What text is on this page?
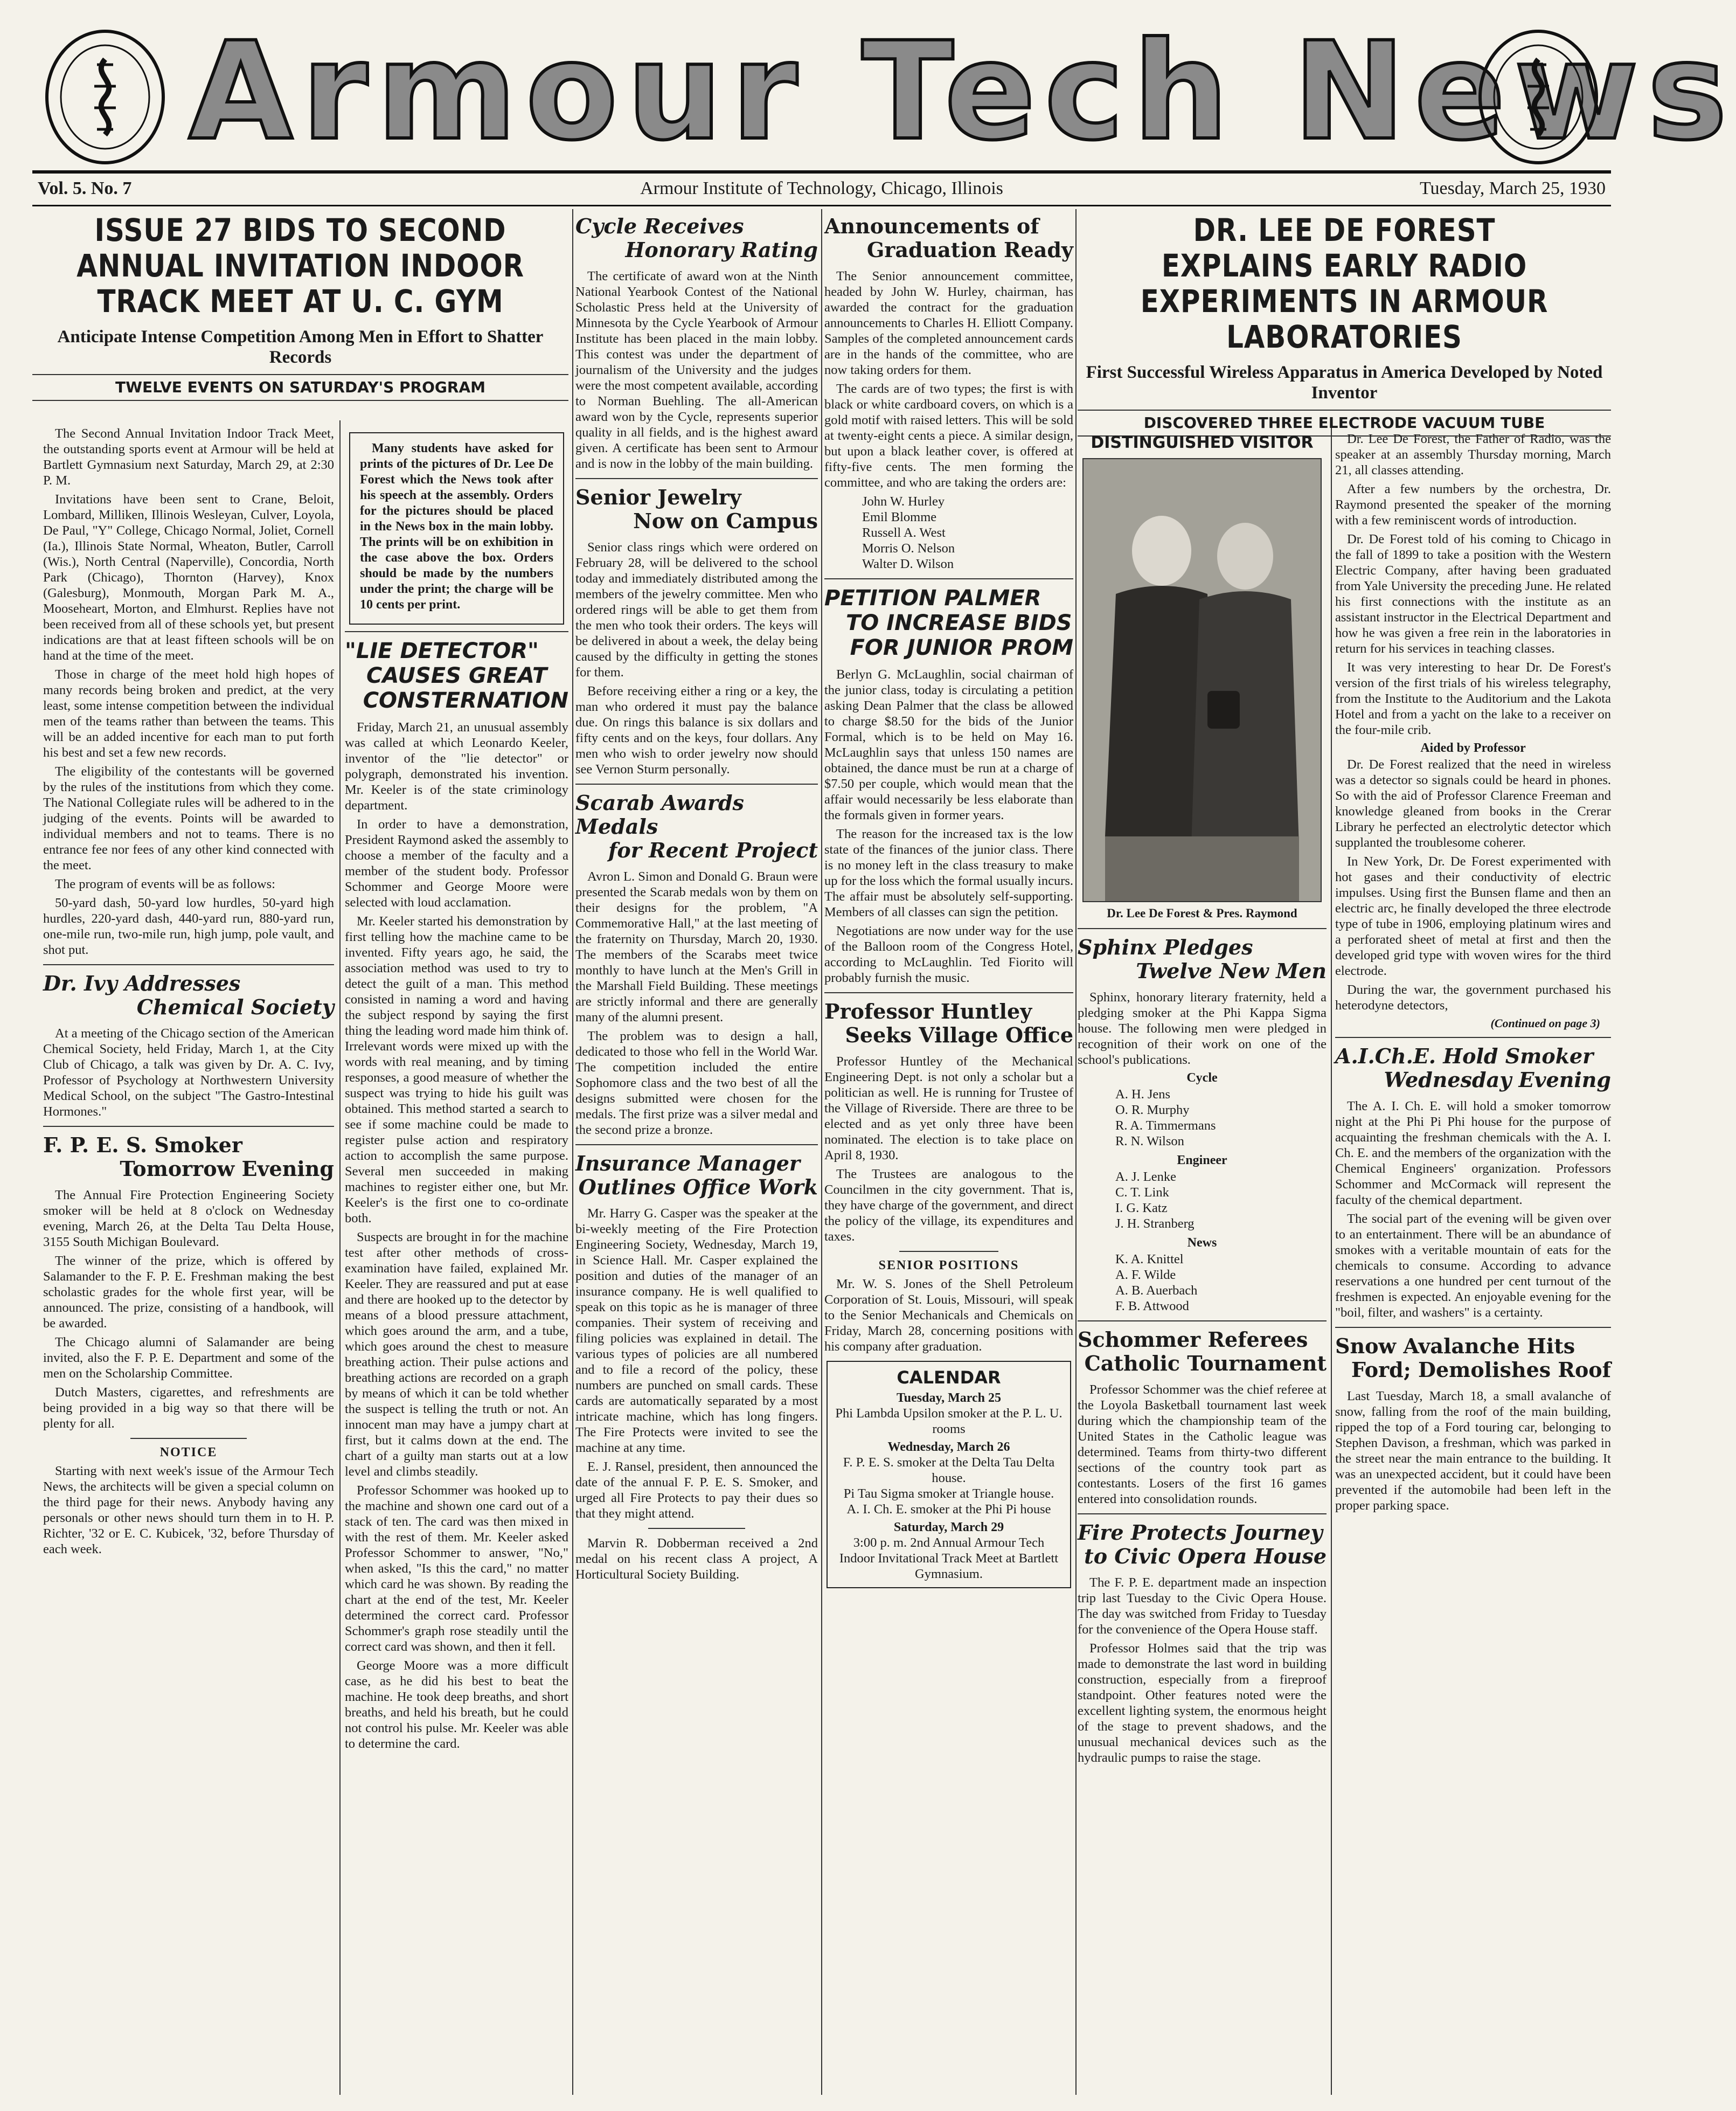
Armour Tech News
Vol. 5. No. 7	Armour Institute of Technology, Chicago, Illinois	Tuesday, March 25, 1930
ISSUE 27 BIDS TO SECOND ANNUAL INVITATION INDOOR TRACK MEET AT U. C. GYM
Anticipate Intense Competition Among Men in Effort to Shatter Records
TWELVE EVENTS ON SATURDAY'S PROGRAM

The Second Annual Invitation Indoor Track Meet, the outstanding sports event at Armour will be held at Bartlett Gymnasium next Saturday, March 29, at 2:30 P. M.

Invitations have been sent to Crane, Beloit, Lombard, Milliken, Illinois Wesleyan, Culver, Loyola, De Paul, "Y" College, Chicago Normal, Joliet, Cornell (Ia.), Illinois State Normal, Wheaton, Butler, Carroll (Wis.), North Central (Naperville), Concordia, North Park (Chicago), Thornton (Harvey), Knox (Galesburg), Monmouth, Morgan Park M. A., Mooseheart, Morton, and Elmhurst. Replies have not been received from all of these schools yet, but present indications are that at least fifteen schools will be on hand at the time of the meet.

Those in charge of the meet hold high hopes of many records being broken and predict, at the very least, some intense competition between the individual men of the teams rather than between the teams. This will be an added incentive for each man to put forth his best and set a few new records.

The eligibility of the contestants will be governed by the rules of the institutions from which they come. The National Collegiate rules will be adhered to in the judging of the events. Points will be awarded to individual members and not to teams. There is no entrance fee nor fees of any other kind connected with the meet.

The program of events will be as follows:

50-yard dash, 50-yard low hurdles, 50-yard high hurdles, 220-yard dash, 440-yard run, 880-yard run, one-mile run, two-mile run, high jump, pole vault, and shot put.

Dr. Ivy Addresses
Chemical Society

At a meeting of the Chicago section of the American Chemical Society, held Friday, March 1, at the City Club of Chicago, a talk was given by Dr. A. C. Ivy, Professor of Psychology at Northwestern University Medical School, on the subject "The Gastro-Intestinal Hormones."

F. P. E. S. Smoker
Tomorrow Evening

The Annual Fire Protection Engineering Society smoker will be held at 8 o'clock on Wednesday evening, March 26, at the Delta Tau Delta House, 3155 South Michigan Boulevard.

The winner of the prize, which is offered by Salamander to the F. P. E. Freshman making the best scholastic grades for the whole first year, will be announced. The prize, consisting of a handbook, will be awarded.

The Chicago alumni of Salamander are being invited, also the F. P. E. Department and some of the men on the Scholarship Committee.

Dutch Masters, cigarettes, and refreshments are being provided in a big way so that there will be plenty for all.

NOTICE

Starting with next week's issue of the Armour Tech News, the architects will be given a special column on the third page for their news. Anybody having any personals or other news should turn them in to H. P. Richter, '32 or E. C. Kubicek, '32, before Thursday of each week.

Many students have asked for prints of the pictures of Dr. Lee De Forest which the News took after his speech at the assembly. Orders for the pictures should be placed in the News box in the main lobby. The prints will be on exhibition in the case above the box. Orders should be made by the numbers under the print; the charge will be 10 cents per print.

"LIE DETECTOR"
CAUSES GREAT
CONSTERNATION

Friday, March 21, an unusual assembly was called at which Leonardo Keeler, inventor of the "lie detector" or polygraph, demonstrated his invention. Mr. Keeler is of the state criminology department.

In order to have a demonstration, President Raymond asked the assembly to choose a member of the faculty and a member of the student body. Professor Schommer and George Moore were selected with loud acclamation.

Mr. Keeler started his demonstration by first telling how the machine came to be invented. Fifty years ago, he said, the association method was used to try to detect the guilt of a man. This method consisted in naming a word and having the subject respond by saying the first thing the leading word made him think of. Irrelevant words were mixed up with the words with real meaning, and by timing responses, a good measure of whether the suspect was trying to hide his guilt was obtained. This method started a search to see if some machine could be made to register pulse action and respiratory action to accomplish the same purpose. Several men succeeded in making machines to register either one, but Mr. Keeler's is the first one to co-ordinate both.

Suspects are brought in for the machine test after other methods of cross-examination have failed, explained Mr. Keeler. They are reassured and put at ease and there are hooked up to the detector by means of a blood pressure attachment, which goes around the arm, and a tube, which goes around the chest to measure breathing action. Their pulse actions and breathing actions are recorded on a graph by means of which it can be told whether the suspect is telling the truth or not. An innocent man may have a jumpy chart at first, but it calms down at the end. The chart of a guilty man starts out at a low level and climbs steadily.

Professor Schommer was hooked up to the machine and shown one card out of a stack of ten. The card was then mixed in with the rest of them. Mr. Keeler asked Professor Schommer to answer, "No," when asked, "Is this the card," no matter which card he was shown. By reading the chart at the end of the test, Mr. Keeler determined the correct card. Professor Schommer's graph rose steadily until the correct card was shown, and then it fell.

George Moore was a more difficult case, as he did his best to beat the machine. He took deep breaths, and short breaths, and held his breath, but he could not control his pulse. Mr. Keeler was able to determine the card.

Cycle Receives
Honorary Rating

The certificate of award won at the Ninth National Yearbook Contest of the National Scholastic Press held at the University of Minnesota by the Cycle Yearbook of Armour Institute has been placed in the main lobby. This contest was under the department of journalism of the University and the judges were the most competent available, according to Norman Buehling. The all-American award won by the Cycle, represents superior quality in all fields, and is the highest award given. A certificate has been sent to Armour and is now in the lobby of the main building.

Senior Jewelry
Now on Campus

Senior class rings which were ordered on February 28, will be delivered to the school today and immediately distributed among the members of the jewelry committee. Men who ordered rings will be able to get them from the men who took their orders. The keys will be delivered in about a week, the delay being caused by the difficulty in getting the stones for them.

Before receiving either a ring or a key, the man who ordered it must pay the balance due. On rings this balance is six dollars and fifty cents and on the keys, four dollars. Any men who wish to order jewelry now should see Vernon Sturm personally.

Scarab Awards Medals
for Recent Project

Avron L. Simon and Donald G. Braun were presented the Scarab medals won by them on their designs for the problem, "A Commemorative Hall," at the last meeting of the fraternity on Thursday, March 20, 1930. The members of the Scarabs meet twice monthly to have lunch at the Men's Grill in the Marshall Field Building. These meetings are strictly informal and there are generally many of the alumni present.

The problem was to design a hall, dedicated to those who fell in the World War. The competition included the entire Sophomore class and the two best of all the designs submitted were chosen for the medals. The first prize was a silver medal and the second prize a bronze.

Insurance Manager
Outlines Office Work

Mr. Harry G. Casper was the speaker at the bi-weekly meeting of the Fire Protection Engineering Society, Wednesday, March 19, in Science Hall. Mr. Casper explained the position and duties of the manager of an insurance company. He is well qualified to speak on this topic as he is manager of three companies. Their system of receiving and filing policies was explained in detail. The various types of policies are all numbered and to file a record of the policy, these numbers are punched on small cards. These cards are automatically separated by a most intricate machine, which has long fingers. The Fire Protects were invited to see the machine at any time.

E. J. Ransel, president, then announced the date of the annual F. P. E. S. Smoker, and urged all Fire Protects to pay their dues so that they might attend.

Marvin R. Dobberman received a 2nd medal on his recent class A project, A Horticultural Society Building.

Announcements of
Graduation Ready

The Senior announcement committee, headed by John W. Hurley, chairman, has awarded the contract for the graduation announcements to Charles H. Elliott Company. Samples of the completed announcement cards are in the hands of the committee, who are now taking orders for them.

The cards are of two types; the first is with black or white cardboard covers, on which is a gold motif with raised letters. This will be sold at twenty-eight cents a piece. A similar design, but upon a black leather cover, is offered at fifty-five cents. The men forming the committee, and who are taking the orders are:

John W. Hurley
Emil Blomme
Russell A. West
Morris O. Nelson
Walter D. Wilson
PETITION PALMER
TO INCREASE BIDS
FOR JUNIOR PROM

Berlyn G. McLaughlin, social chairman of the junior class, today is circulating a petition asking Dean Palmer that the class be allowed to charge $8.50 for the bids of the Junior Formal, which is to be held on May 16. McLaughlin says that unless 150 names are obtained, the dance must be run at a charge of $7.50 per couple, which would mean that the affair would necessarily be less elaborate than the formals given in former years.

The reason for the increased tax is the low state of the finances of the junior class. There is no money left in the class treasury to make up for the loss which the formal usually incurs. The affair must be absolutely self-supporting. Members of all classes can sign the petition.

Negotiations are now under way for the use of the Balloon room of the Congress Hotel, according to McLaughlin. Ted Fiorito will probably furnish the music.

Professor Huntley
Seeks Village Office

Professor Huntley of the Mechanical Engineering Dept. is not only a scholar but a politician as well. He is running for Trustee of the Village of Riverside. There are three to be elected and as yet only three have been nominated. The election is to take place on April 8, 1930.

The Trustees are analogous to the Councilmen in the city government. That is, they have charge of the government, and direct the policy of the village, its expenditures and taxes.

SENIOR POSITIONS

Mr. W. S. Jones of the Shell Petroleum Corporation of St. Louis, Missouri, will speak to the Senior Mechanicals and Chemicals on Friday, March 28, concerning positions with his company after graduation.

CALENDAR
Tuesday, March 25
Phi Lambda Upsilon smoker at the P. L. U. rooms
Wednesday, March 26
F. P. E. S. smoker at the Delta Tau Delta house.
Pi Tau Sigma smoker at Triangle house.
A. I. Ch. E. smoker at the Phi Pi house
Saturday, March 29
3:00 p. m. 2nd Annual Armour Tech Indoor Invitational Track Meet at Bartlett Gymnasium.
DR. LEE DE FOREST EXPLAINS EARLY RADIO EXPERIMENTS IN ARMOUR LABORATORIES
First Successful Wireless Apparatus in America Developed by Noted Inventor
DISCOVERED THREE ELECTRODE VACUUM TUBE
DISTINGUISHED VISITOR
Dr. Lee De Forest & Pres. Raymond
Sphinx Pledges
Twelve New Men

Sphinx, honorary literary fraternity, held a pledging smoker at the Phi Kappa Sigma house. The following men were pledged in recognition of their work on one of the school's publications.

Cycle
A. H. Jens
O. R. Murphy
R. A. Timmermans
R. N. Wilson
Engineer
A. J. Lenke
C. T. Link
I. G. Katz
J. H. Stranberg
News
K. A. Knittel
A. F. Wilde
A. B. Auerbach
F. B. Attwood
Schommer Referees
Catholic Tournament

Professor Schommer was the chief referee at the Loyola Basketball tournament last week during which the championship team of the United States in the Catholic league was determined. Teams from thirty-two different sections of the country took part as contestants. Losers of the first 16 games entered into consolidation rounds.

Fire Protects Journey
to Civic Opera House

The F. P. E. department made an inspection trip last Tuesday to the Civic Opera House. The day was switched from Friday to Tuesday for the convenience of the Opera House staff.

Professor Holmes said that the trip was made to demonstrate the last word in building construction, especially from a fireproof standpoint. Other features noted were the excellent lighting system, the enormous height of the stage to prevent shadows, and the unusual mechanical devices such as the hydraulic pumps to raise the stage.

Dr. Lee De Forest, the Father of Radio, was the speaker at an assembly Thursday morning, March 21, all classes attending.

After a few numbers by the orchestra, Dr. Raymond presented the speaker of the morning with a few reminiscent words of introduction.

Dr. De Forest told of his coming to Chicago in the fall of 1899 to take a position with the Western Electric Company, after having been graduated from Yale University the preceding June. He related his first connections with the institute as an assistant instructor in the Electrical Department and how he was given a free rein in the laboratories in return for his services in teaching classes.

It was very interesting to hear Dr. De Forest's version of the first trials of his wireless telegraphy, from the Institute to the Auditorium and the Lakota Hotel and from a yacht on the lake to a receiver on the four-mile crib.

Aided by Professor

Dr. De Forest realized that the need in wireless was a detector so signals could be heard in phones. So with the aid of Professor Clarence Freeman and knowledge gleaned from books in the Crerar Library he perfected an electrolytic detector which supplanted the troublesome coherer.

In New York, Dr. De Forest experimented with hot gases and their conductivity of electric impulses. Using first the Bunsen flame and then an electric arc, he finally developed the three electrode type of tube in 1906, employing platinum wires and a perforated sheet of metal at first and then the developed grid type with woven wires for the third electrode.

During the war, the government purchased his heterodyne detectors,

(Continued on page 3)
A.I.Ch.E. Hold Smoker
Wednesday Evening

The A. I. Ch. E. will hold a smoker tomorrow night at the Phi Pi Phi house for the purpose of acquainting the freshman chemicals with the A. I. Ch. E. and the members of the organization with the Chemical Engineers' organization. Professors Schommer and McCormack will represent the faculty of the chemical department.

The social part of the evening will be given over to an entertainment. There will be an abundance of smokes with a veritable mountain of eats for the chemicals to consume. According to advance reservations a one hundred per cent turnout of the freshmen is expected. An enjoyable evening for the "boil, filter, and washers" is a certainty.

Snow Avalanche Hits
Ford; Demolishes Roof

Last Tuesday, March 18, a small avalanche of snow, falling from the roof of the main building, ripped the top of a Ford touring car, belonging to Stephen Davison, a freshman, which was parked in the street near the main entrance to the building. It was an unexpected accident, but it could have been prevented if the automobile had been left in the proper parking space.
